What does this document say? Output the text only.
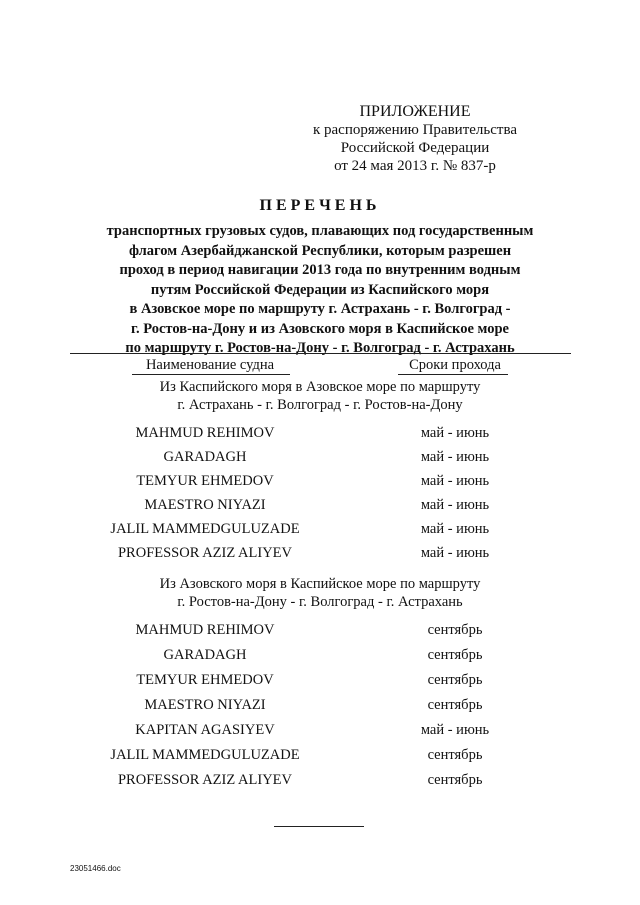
ПРИЛОЖЕНИЕ
к распоряжению Правительства
Российской Федерации
от 24 мая 2013 г. № 837-р
ПЕРЕЧЕНЬ
транспортных грузовых судов, плавающих под государственным
флагом Азербайджанской Республики, которым разрешен
проход в период навигации 2013 года по внутренним водным
путям Российской Федерации из Каспийского моря
в Азовское море по маршруту г. Астрахань - г. Волгоград -
г. Ростов-на-Дону и из Азовского моря в Каспийское море
по маршруту г. Ростов-на-Дону - г. Волгоград - г. Астрахань
Наименование судна	Сроки прохода
Из Каспийского моря в Азовское море по маршруту
г. Астрахань - г. Волгоград - г. Ростов-на-Дону
MAHMUD REHIMOV	май - июнь
GARADAGH	май - июнь
TEMYUR EHMEDOV	май - июнь
MAESTRO NIYAZI	май - июнь
JALIL MAMMEDGULUZADE	май - июнь
PROFESSOR AZIZ ALIYEV	май - июнь
Из Азовского моря в Каспийское море по маршруту
г. Ростов-на-Дону - г. Волгоград - г. Астрахань
MAHMUD REHIMOV	сентябрь
GARADAGH	сентябрь
TEMYUR EHMEDOV	сентябрь
MAESTRO NIYAZI	сентябрь
KAPITAN AGASIYEV	май - июнь
JALIL MAMMEDGULUZADE	сентябрь
PROFESSOR AZIZ ALIYEV	сентябрь
23051466.doc
